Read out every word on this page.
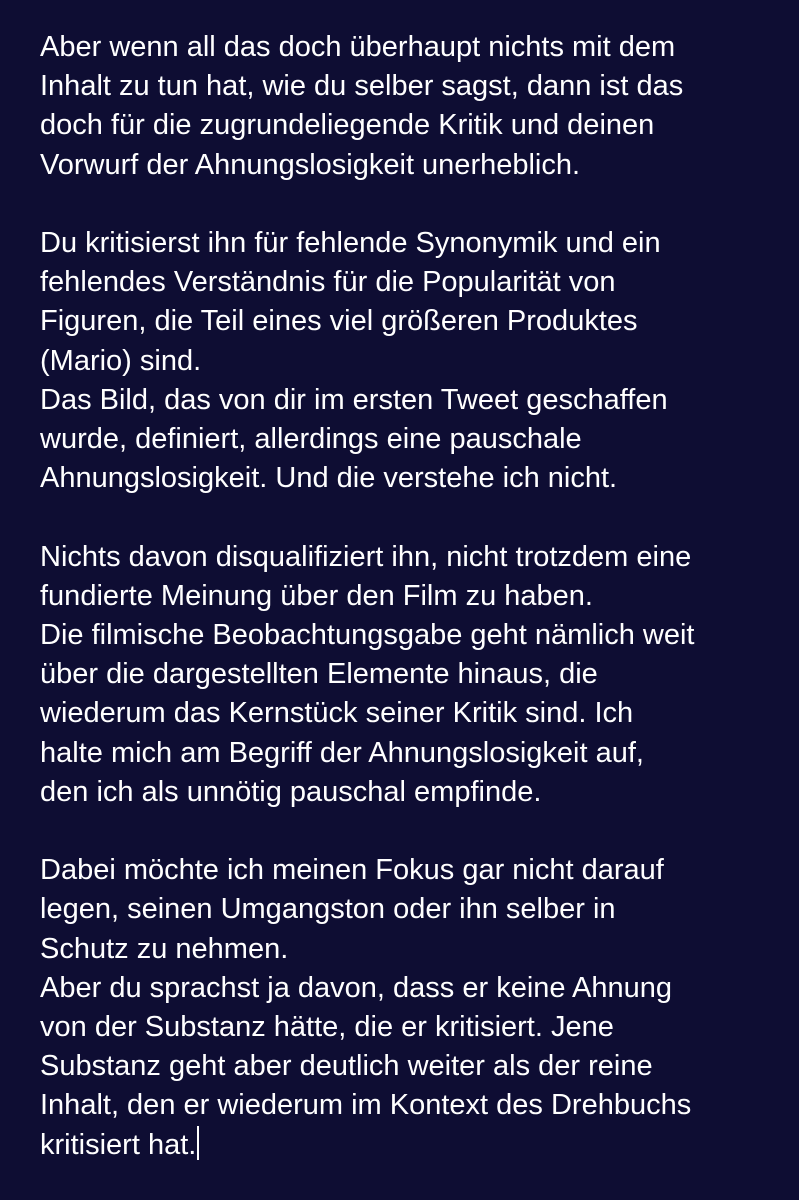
Aber wenn all das doch überhaupt nichts mit dem
Inhalt zu tun hat, wie du selber sagst, dann ist das
doch für die zugrundeliegende Kritik und deinen
Vorwurf der Ahnungslosigkeit unerheblich.
Du kritisierst ihn für fehlende Synonymik und ein
fehlendes Verständnis für die Popularität von
Figuren, die Teil eines viel größeren Produktes
(Mario) sind.
Das Bild, das von dir im ersten Tweet geschaffen
wurde, definiert, allerdings eine pauschale
Ahnungslosigkeit. Und die verstehe ich nicht.
Nichts davon disqualifiziert ihn, nicht trotzdem eine
fundierte Meinung über den Film zu haben.
Die filmische Beobachtungsgabe geht nämlich weit
über die dargestellten Elemente hinaus, die
wiederum das Kernstück seiner Kritik sind. Ich
halte mich am Begriff der Ahnungslosigkeit auf,
den ich als unnötig pauschal empfinde.
Dabei möchte ich meinen Fokus gar nicht darauf
legen, seinen Umgangston oder ihn selber in
Schutz zu nehmen.
Aber du sprachst ja davon, dass er keine Ahnung
von der Substanz hätte, die er kritisiert. Jene
Substanz geht aber deutlich weiter als der reine
Inhalt, den er wiederum im Kontext des Drehbuchs
kritisiert hat.
